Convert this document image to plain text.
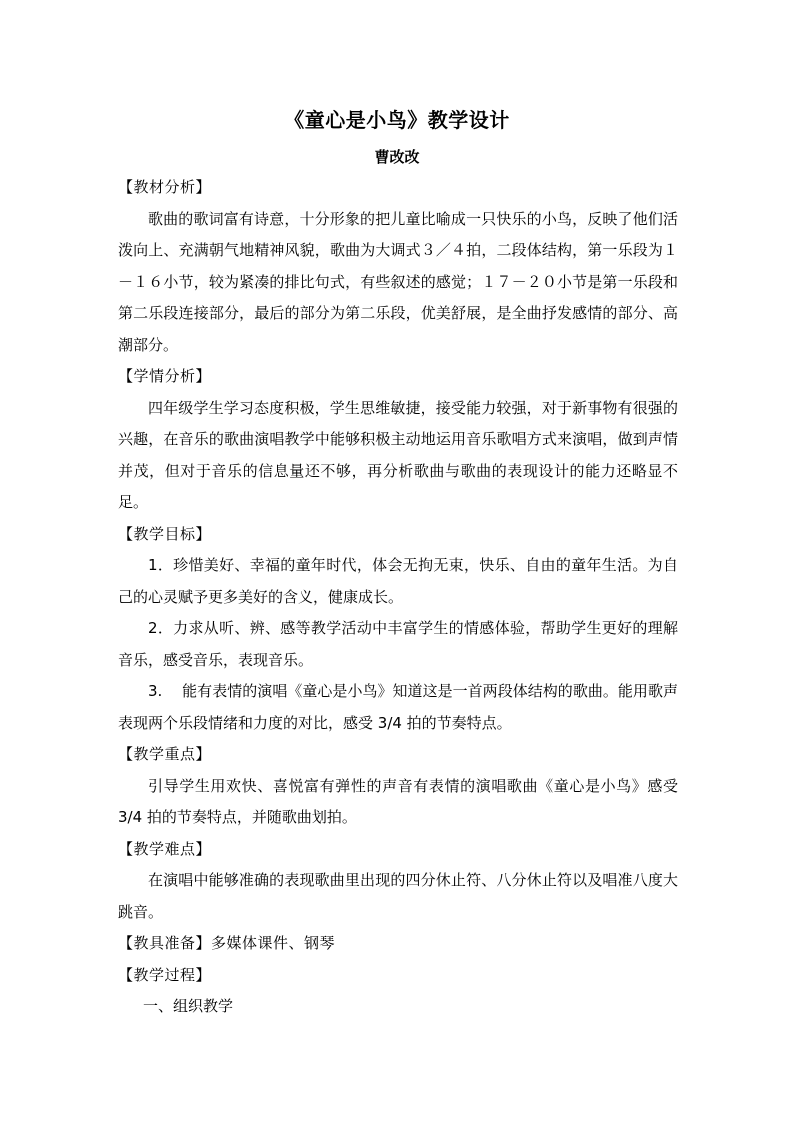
《童心是小鸟》教学设计
曹改改

【教材分析】

歌曲的歌词富有诗意，十分形象的把儿童比喻成一只快乐的小鸟，反映了他们活泼向上、充满朝气地精神风貌，歌曲为大调式３／４拍，二段体结构，第一乐段为１－１６小节，较为紧凑的排比句式，有些叙述的感觉；１７－２０小节是第一乐段和第二乐段连接部分，最后的部分为第二乐段，优美舒展，是全曲抒发感情的部分、高潮部分。

【学情分析】

四年级学生学习态度积极，学生思维敏捷，接受能力较强，对于新事物有很强的兴趣，在音乐的歌曲演唱教学中能够积极主动地运用音乐歌唱方式来演唱，做到声情并茂，但对于音乐的信息量还不够，再分析歌曲与歌曲的表现设计的能力还略显不足。

【教学目标】

1．珍惜美好、幸福的童年时代，体会无拘无束，快乐、自由的童年生活。为自己的心灵赋予更多美好的含义，健康成长。

2．力求从听、辨、感等教学活动中丰富学生的情感体验，帮助学生更好的理解音乐，感受音乐，表现音乐。

3.　 能有表情的演唱《童心是小鸟》知道这是一首两段体结构的歌曲。能用歌声表现两个乐段情绪和力度的对比，感受 3/4 拍的节奏特点。

【教学重点】

引导学生用欢快、喜悦富有弹性的声音有表情的演唱歌曲《童心是小鸟》感受 3/4 拍的节奏特点，并随歌曲划拍。

【教学难点】

在演唱中能够准确的表现歌曲里出现的四分休止符、八分休止符以及唱准八度大跳音。

【教具准备】多媒体课件、钢琴

【教学过程】

一、组织教学
